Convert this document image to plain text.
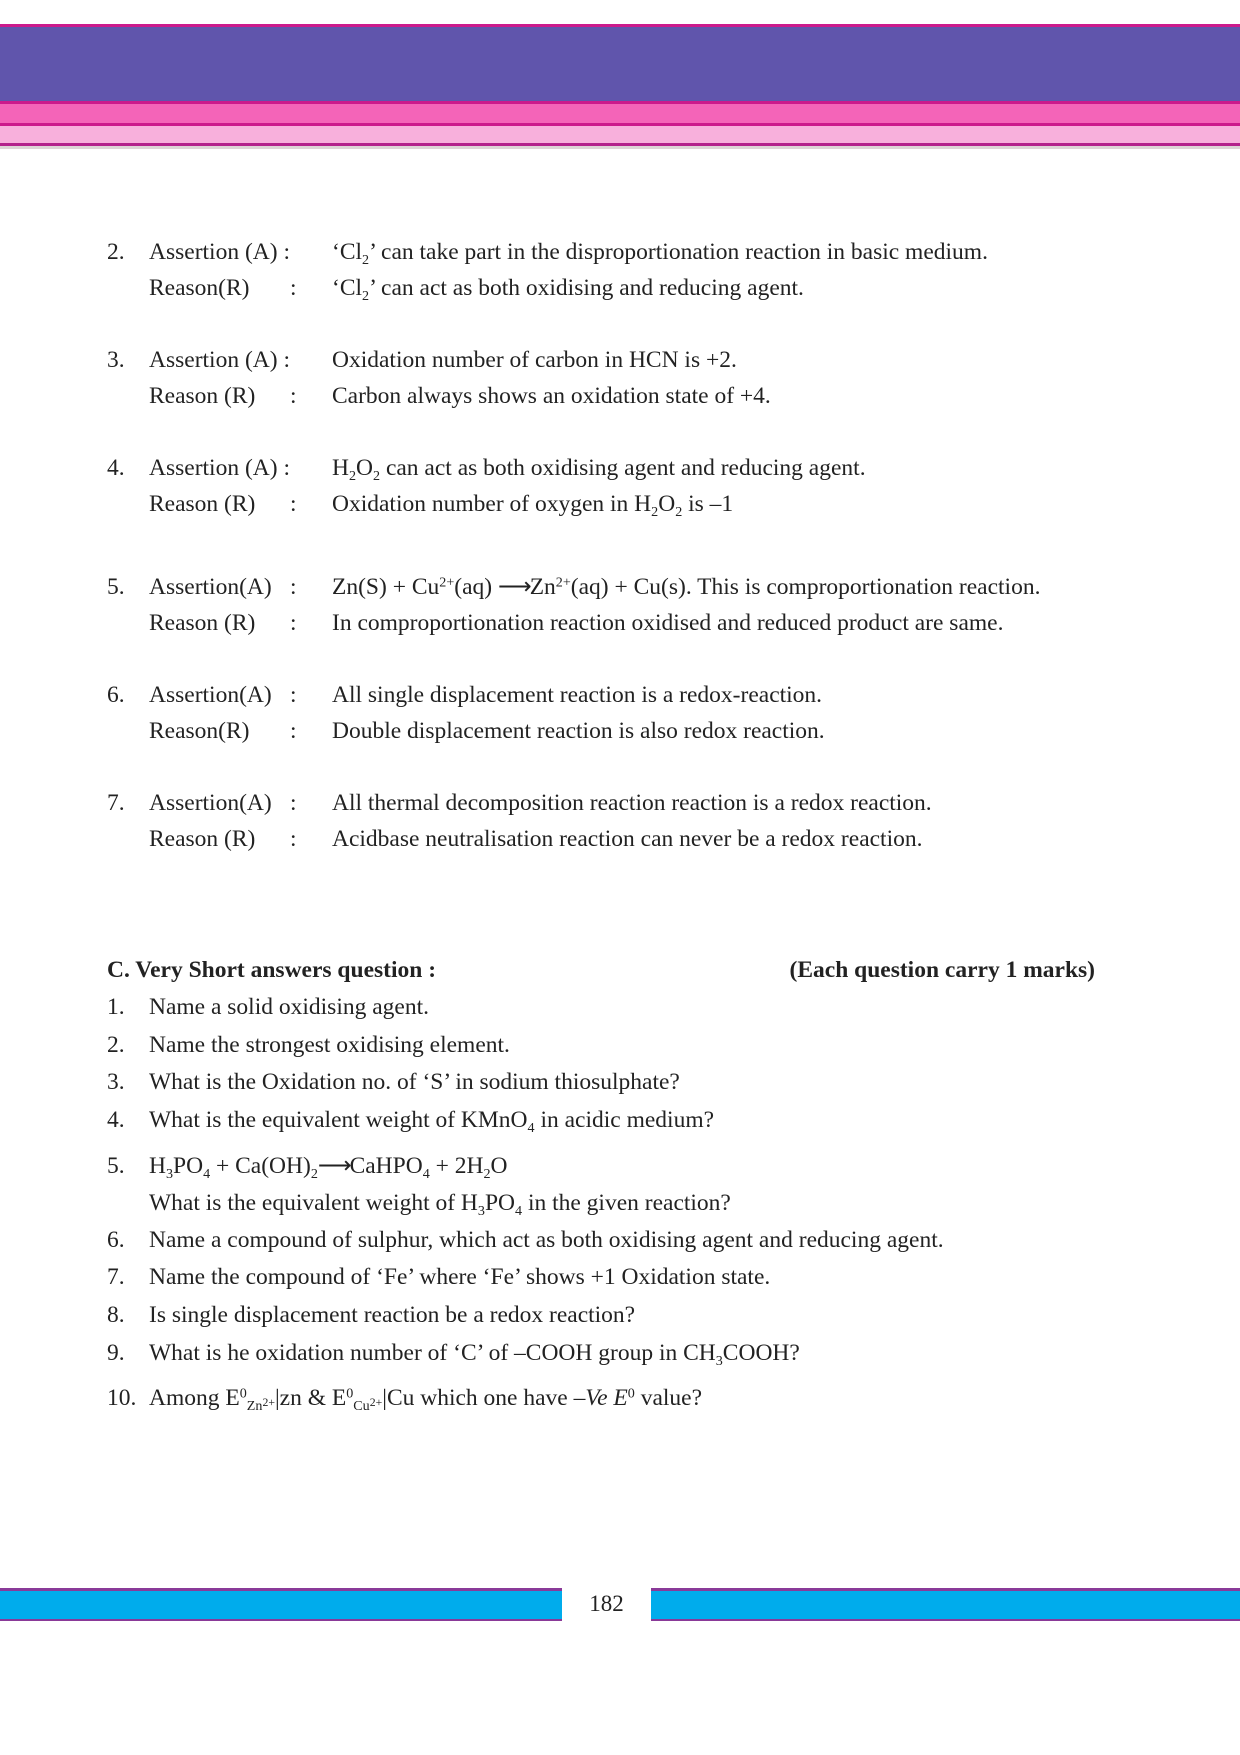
2. Assertion (A) : ‘$Cl_2$’ can take part in the disproportionation reaction in basic medium.
Reason(R) : ‘$Cl_2$’ can act as both oxidising and reducing agent.
3. Assertion (A) : Oxidation number of carbon in HCN is +2.
Reason (R) : Carbon always shows an oxidation state of +4.
4. Assertion (A) : $H_2O_2$ can act as both oxidising agent and reducing agent.
Reason (R) : Oxidation number of oxygen in $H_2O_2$ is –1
5. Assertion(A) : $Zn(S) + Cu^{2+}(aq)$ $⟶Zn^{2+}(aq) + Cu(s)$. This is comproportionation reaction.
Reason (R) : In comproportionation reaction oxidised and reduced product are same.
6. Assertion(A) : All single displacement reaction is a redox-reaction.
Reason(R) : Double displacement reaction is also redox reaction.
7. Assertion(A) : All thermal decomposition reaction reaction is a redox reaction.
Reason (R) : Acidbase neutralisation reaction can never be a redox reaction.
C. Very Short answers question :	(Each question carry 1 marks)
1. Name a solid oxidising agent.
2. Name the strongest oxidising element.
3. What is the Oxidation no. of ‘S’ in sodium thiosulphate?
4. What is the equivalent weight of KMnO$_4$ in acidic medium?
5. $H_3PO_4$ + $Ca(OH)_2⟶CaHPO_4 + 2H_2O$
What is the equivalent weight of $H_3PO_4$ in the given reaction?
6. Name a compound of sulphur, which act as both oxidising agent and reducing agent.
7. Name the compound of ‘Fe’ where ‘Fe’ shows +1 Oxidation state.
8. Is single displacement reaction be a redox reaction?
9. What is he oxidation number of ‘C’ of –COOH group in $CH_3COOH$?
10. Among $E^0_{Zn}^{2+}|zn$ & $E^0_{Cu}^{2+}|Cu$ which one have –Ve $E^0$ value?
182
